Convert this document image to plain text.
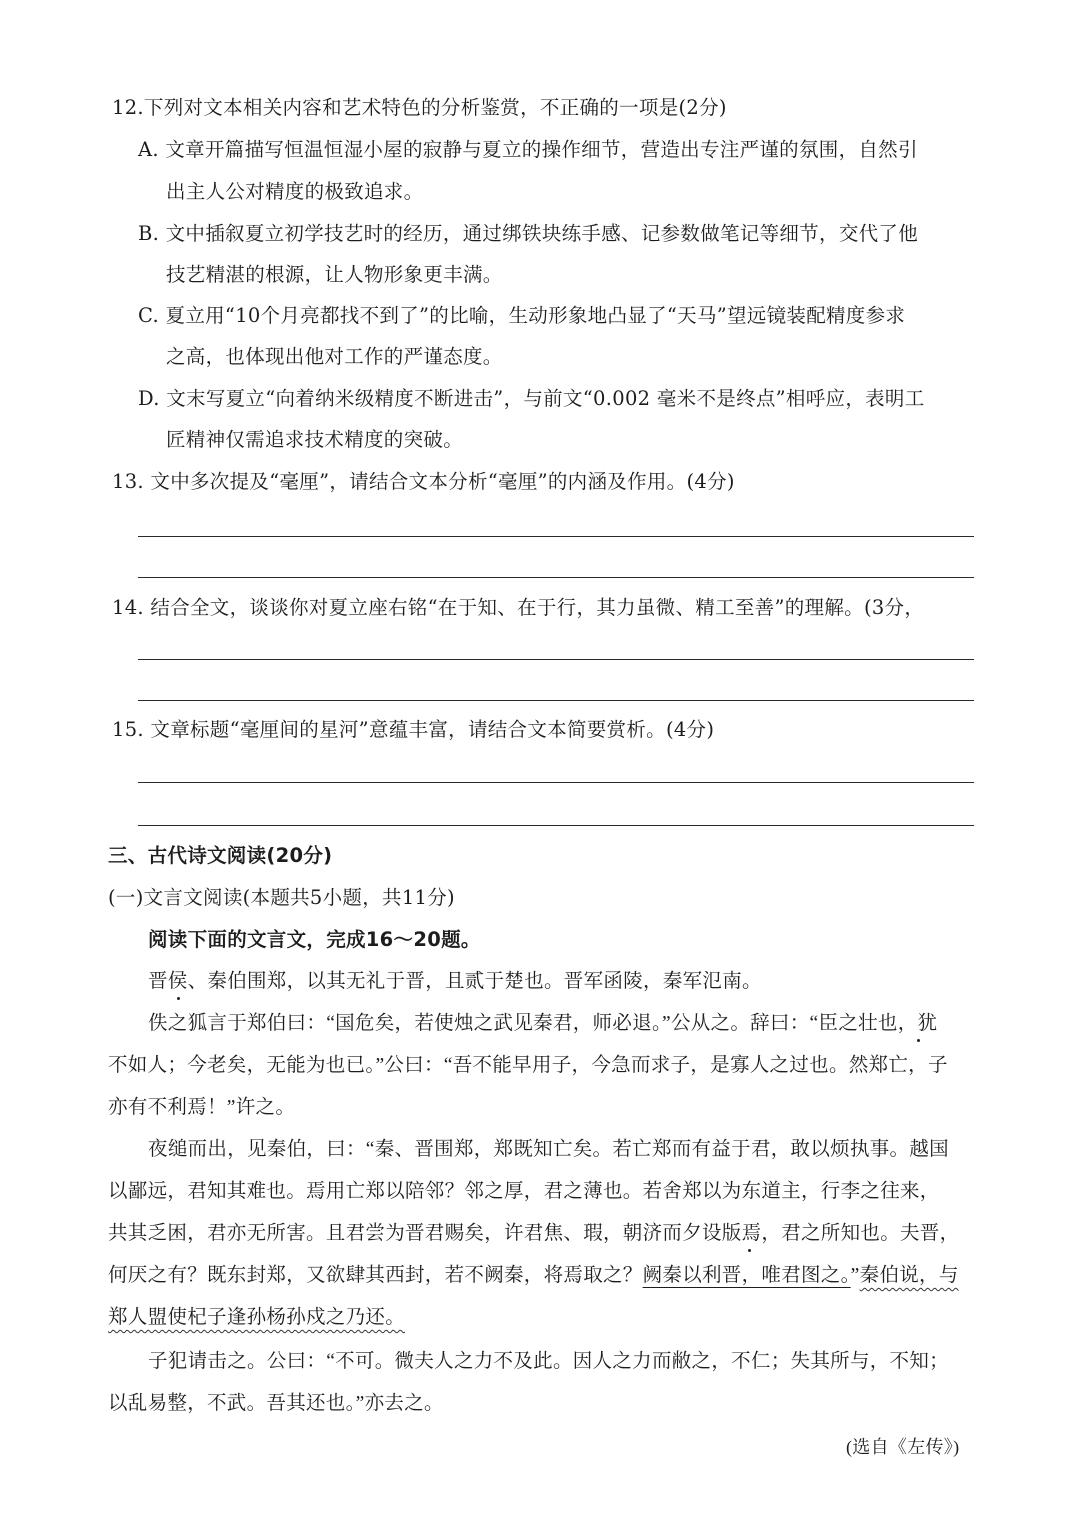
12.下列对文本相关内容和艺术特色的分析鉴赏，不正确的一项是(2分)
A. 文章开篇描写恒温恒湿小屋的寂静与夏立的操作细节，营造出专注严谨的氛围，自然引
出主人公对精度的极致追求。
B. 文中插叙夏立初学技艺时的经历，通过绑铁块练手感、记参数做笔记等细节，交代了他
技艺精湛的根源，让人物形象更丰满。
C. 夏立用“10个月亮都找不到了”的比喻，生动形象地凸显了“天马”望远镜装配精度参求
之高，也体现出他对工作的严谨态度。
D. 文末写夏立“向着纳米级精度不断进击”，与前文“0.002 毫米不是终点”相呼应，表明工
匠精神仅需追求技术精度的突破。
13. 文中多次提及“毫厘”，请结合文本分析“毫厘”的内涵及作用。(4分)
14. 结合全文，谈谈你对夏立座右铭“在于知、在于行，其力虽微、精工至善”的理解。(3分，
15. 文章标题“毫厘间的星河”意蕴丰富，请结合文本简要赏析。(4分)
三、古代诗文阅读(20分)
(一)文言文阅读(本题共5小题，共11分)
阅读下面的文言文，完成16～20题。
晋侯、秦伯围郑，以其无礼于晋，且贰于楚也。晋军函陵，秦军氾南。
佚之狐言于郑伯曰：“国危矣，若使烛之武见秦君，师必退。”公从之。辞曰：“臣之壮也，犹
不如人；今老矣，无能为也已。”公曰：“吾不能早用子，今急而求子，是寡人之过也。然郑亡，子
亦有不利焉！”许之。
夜缒而出，见秦伯，曰：“秦、晋围郑，郑既知亡矣。若亡郑而有益于君，敢以烦执事。越国
以鄙远，君知其难也。焉用亡郑以陪邻？邻之厚，君之薄也。若舍郑以为东道主，行李之往来，
共其乏困，君亦无所害。且君尝为晋君赐矣，许君焦、瑕，朝济而夕设版焉，君之所知也。夫晋，
何厌之有？既东封郑，又欲肆其西封，若不阙秦，将焉取之？阙秦以利晋，唯君图之。”秦伯说，与
郑人盟使杞子逢孙杨孙戍之乃还。
子犯请击之。公曰：“不可。微夫人之力不及此。因人之力而敝之，不仁；失其所与，不知；
以乱易整，不武。吾其还也。”亦去之。
(选自《左传》)
